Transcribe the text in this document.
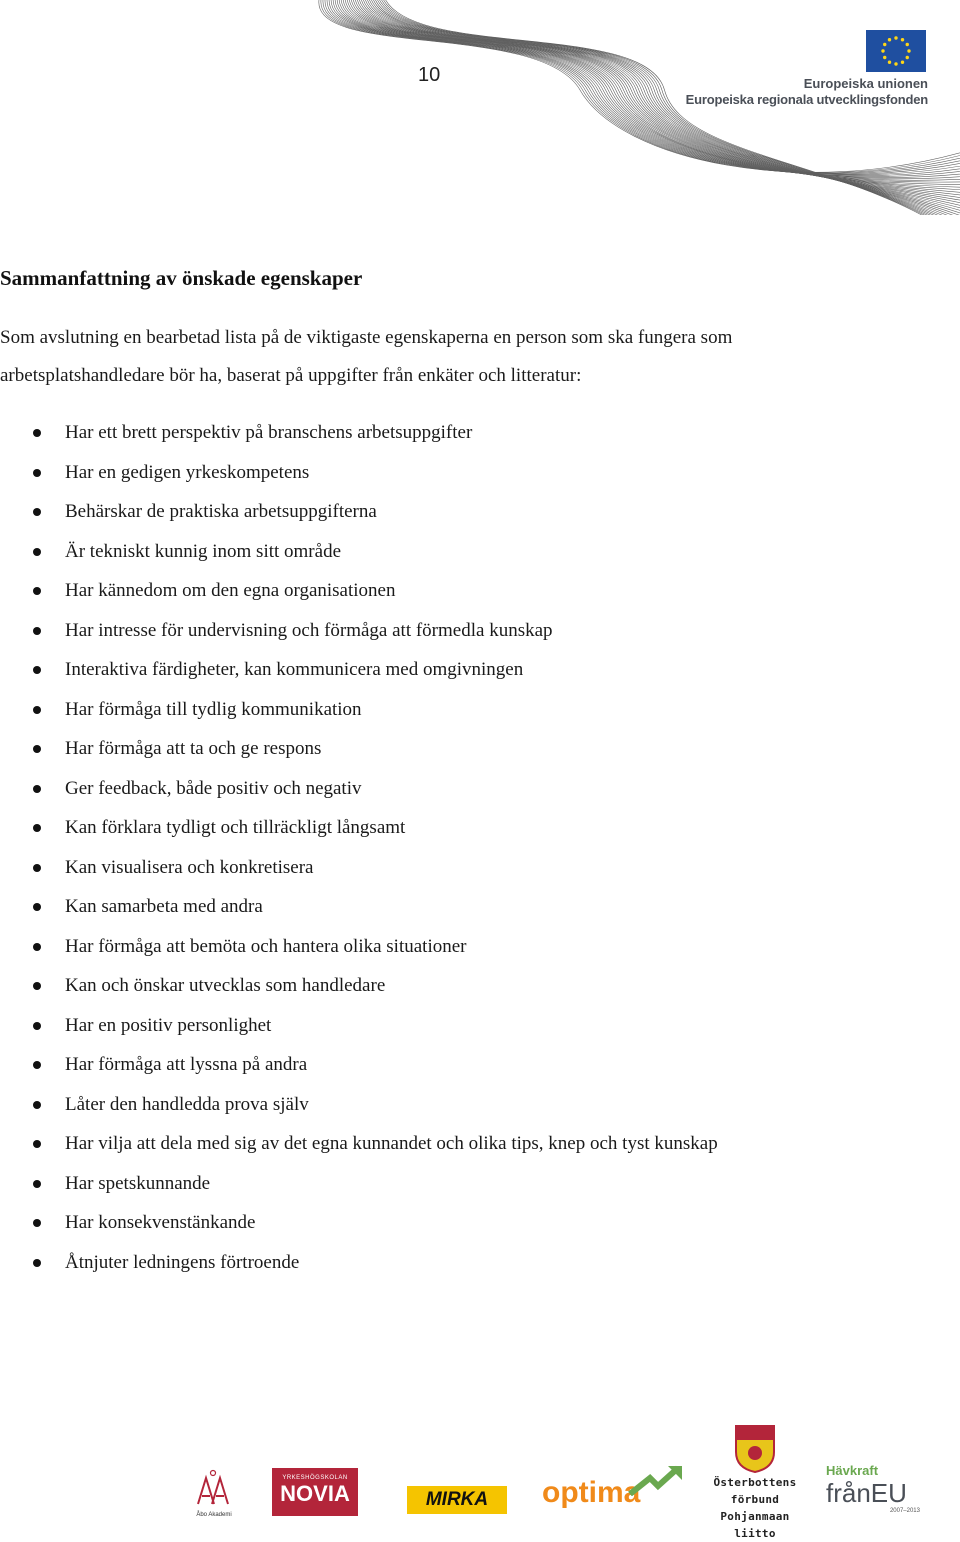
10	Europeiska unionen
Europeiska regionala utvecklingsfonden
Sammanfattning av önskade egenskaper
Som avslutning en bearbetad lista på de viktigaste egenskaperna en person som ska fungera som arbetsplatshandledare bör ha, baserat på uppgifter från enkäter och litteratur:
Har ett brett perspektiv på branschens arbetsuppgifter
Har en gedigen yrkeskompetens
Behärskar de praktiska arbetsuppgifterna
Är tekniskt kunnig inom sitt område
Har kännedom om den egna organisationen
Har intresse för undervisning och förmåga att förmedla kunskap
Interaktiva färdigheter, kan kommunicera med omgivningen
Har förmåga till tydlig kommunikation
Har förmåga att ta och ge respons
Ger feedback, både positiv och negativ
Kan förklara tydligt och tillräckligt långsamt
Kan visualisera och konkretisera
Kan samarbeta med andra
Har förmåga att bemöta och hantera olika situationer
Kan och önskar utvecklas som handledare
Har en positiv personlighet
Har förmåga att lyssna på andra
Låter den handledda prova själv
Har vilja att dela med sig av det egna kunnandet och olika tips, knep och tyst kunskap
Har spetskunnande
Har konsekvenstänkande
Åtnjuter ledningens förtroende
Åbo Akademi
YRKESHÖGSKOLAN
NOVIA	MIRKA	optima	Österbottens förbund
Pohjanmaan liitto
Hävkraft
frånEU
2007–2013
